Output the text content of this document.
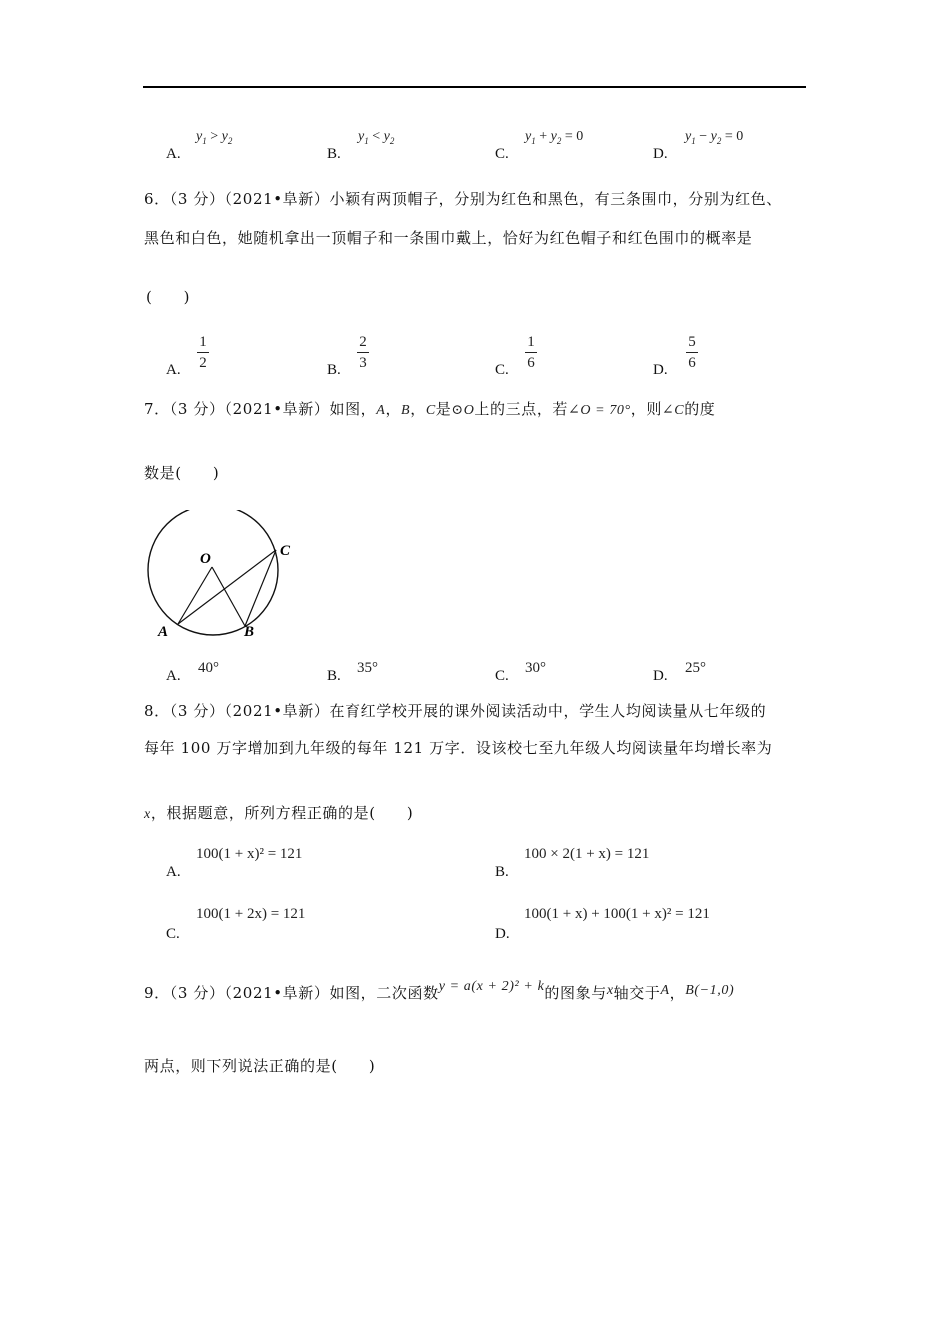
A.
$y_1 > y_2$
B.
$y_1 < y_2$
C.
$y_1 + y_2 = 0$
D.
$y_1 - y_2 = 0$
6．（3 分）（2021•阜新）小颖有两顶帽子，分别为红色和黑色，有三条围巾，分别为红色、
黑色和白色，她随机拿出一顶帽子和一条围巾戴上，恰好为红色帽子和红色围巾的概率是
(　　)
A.
1
2	B.
2
3	C.
1
6	D.
5
6
7．（3 分）（2021•阜新）如图，A，B，C是⊙O上的三点，若∠O = 70°，则∠C的度
数是(　　)
O
A	B
C
A. 40°	B. 35°	C. 30°	D. 25°
8．（3 分）（2021•阜新）在育红学校开展的课外阅读活动中，学生人均阅读量从七年级的
每年 100 万字增加到九年级的每年 121 万字．设该校七至九年级人均阅读量年均增长率为
x，根据题意，所列方程正确的是(　　)
A.
100(1 + x)² = 121
B.
100 × 2(1 + x) = 121
C.
100(1 + 2x) = 121
D.
100(1 + x) + 100(1 + x)² = 121
9．（3 分）（2021•阜新）如图，二次函数y = a(x + 2)² + k的图象与x轴交于A，B(−1,0)
两点，则下列说法正确的是(　　)
